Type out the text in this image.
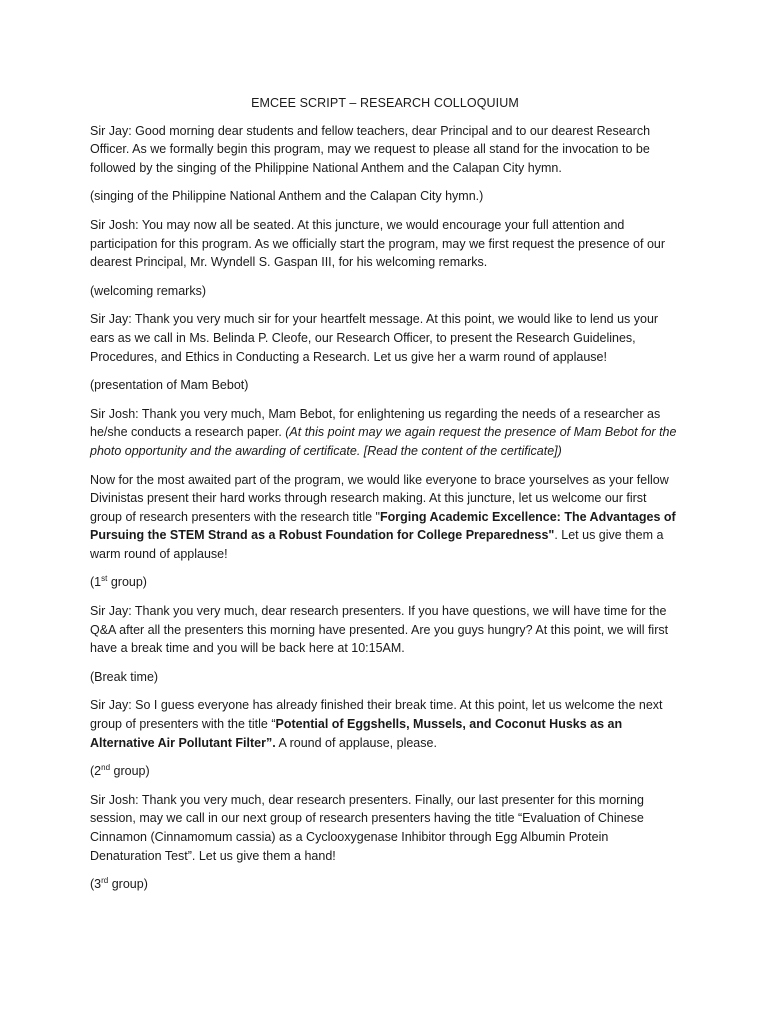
EMCEE SCRIPT – RESEARCH COLLOQUIUM

Sir Jay: Good morning dear students and fellow teachers, dear Principal and to our dearest Research Officer. As we formally begin this program, may we request to please all stand for the invocation to be followed by the singing of the Philippine National Anthem and the Calapan City hymn.

(singing of the Philippine National Anthem and the Calapan City hymn.)

Sir Josh: You may now all be seated. At this juncture, we would encourage your full attention and participation for this program. As we officially start the program, may we first request the presence of our dearest Principal, Mr. Wyndell S. Gaspan III, for his welcoming remarks.

(welcoming remarks)

Sir Jay: Thank you very much sir for your heartfelt message. At this point, we would like to lend us your ears as we call in Ms. Belinda P. Cleofe, our Research Officer, to present the Research Guidelines, Procedures, and Ethics in Conducting a Research. Let us give her a warm round of applause!

(presentation of Mam Bebot)

Sir Josh: Thank you very much, Mam Bebot, for enlightening us regarding the needs of a researcher as he/she conducts a research paper. (At this point may we again request the presence of Mam Bebot for the photo opportunity and the awarding of certificate. [Read the content of the certificate])

Now for the most awaited part of the program, we would like everyone to brace yourselves as your fellow Divinistas present their hard works through research making. At this juncture, let us welcome our first group of research presenters with the research title "Forging Academic Excellence: The Advantages of Pursuing the STEM Strand as a Robust Foundation for College Preparedness". Let us give them a warm round of applause!

(1st group)

Sir Jay: Thank you very much, dear research presenters. If you have questions, we will have time for the Q&A after all the presenters this morning have presented. Are you guys hungry? At this point, we will first have a break time and you will be back here at 10:15AM.

(Break time)

Sir Jay: So I guess everyone has already finished their break time. At this point, let us welcome the next group of presenters with the title “Potential of Eggshells, Mussels, and Coconut Husks as an Alternative Air Pollutant Filter”. A round of applause, please.

(2nd group)

Sir Josh: Thank you very much, dear research presenters. Finally, our last presenter for this morning session, may we call in our next group of research presenters having the title “Evaluation of Chinese Cinnamon (Cinnamomum cassia) as a Cyclooxygenase Inhibitor through Egg Albumin Protein Denaturation Test”. Let us give them a hand!

(3rd group)
